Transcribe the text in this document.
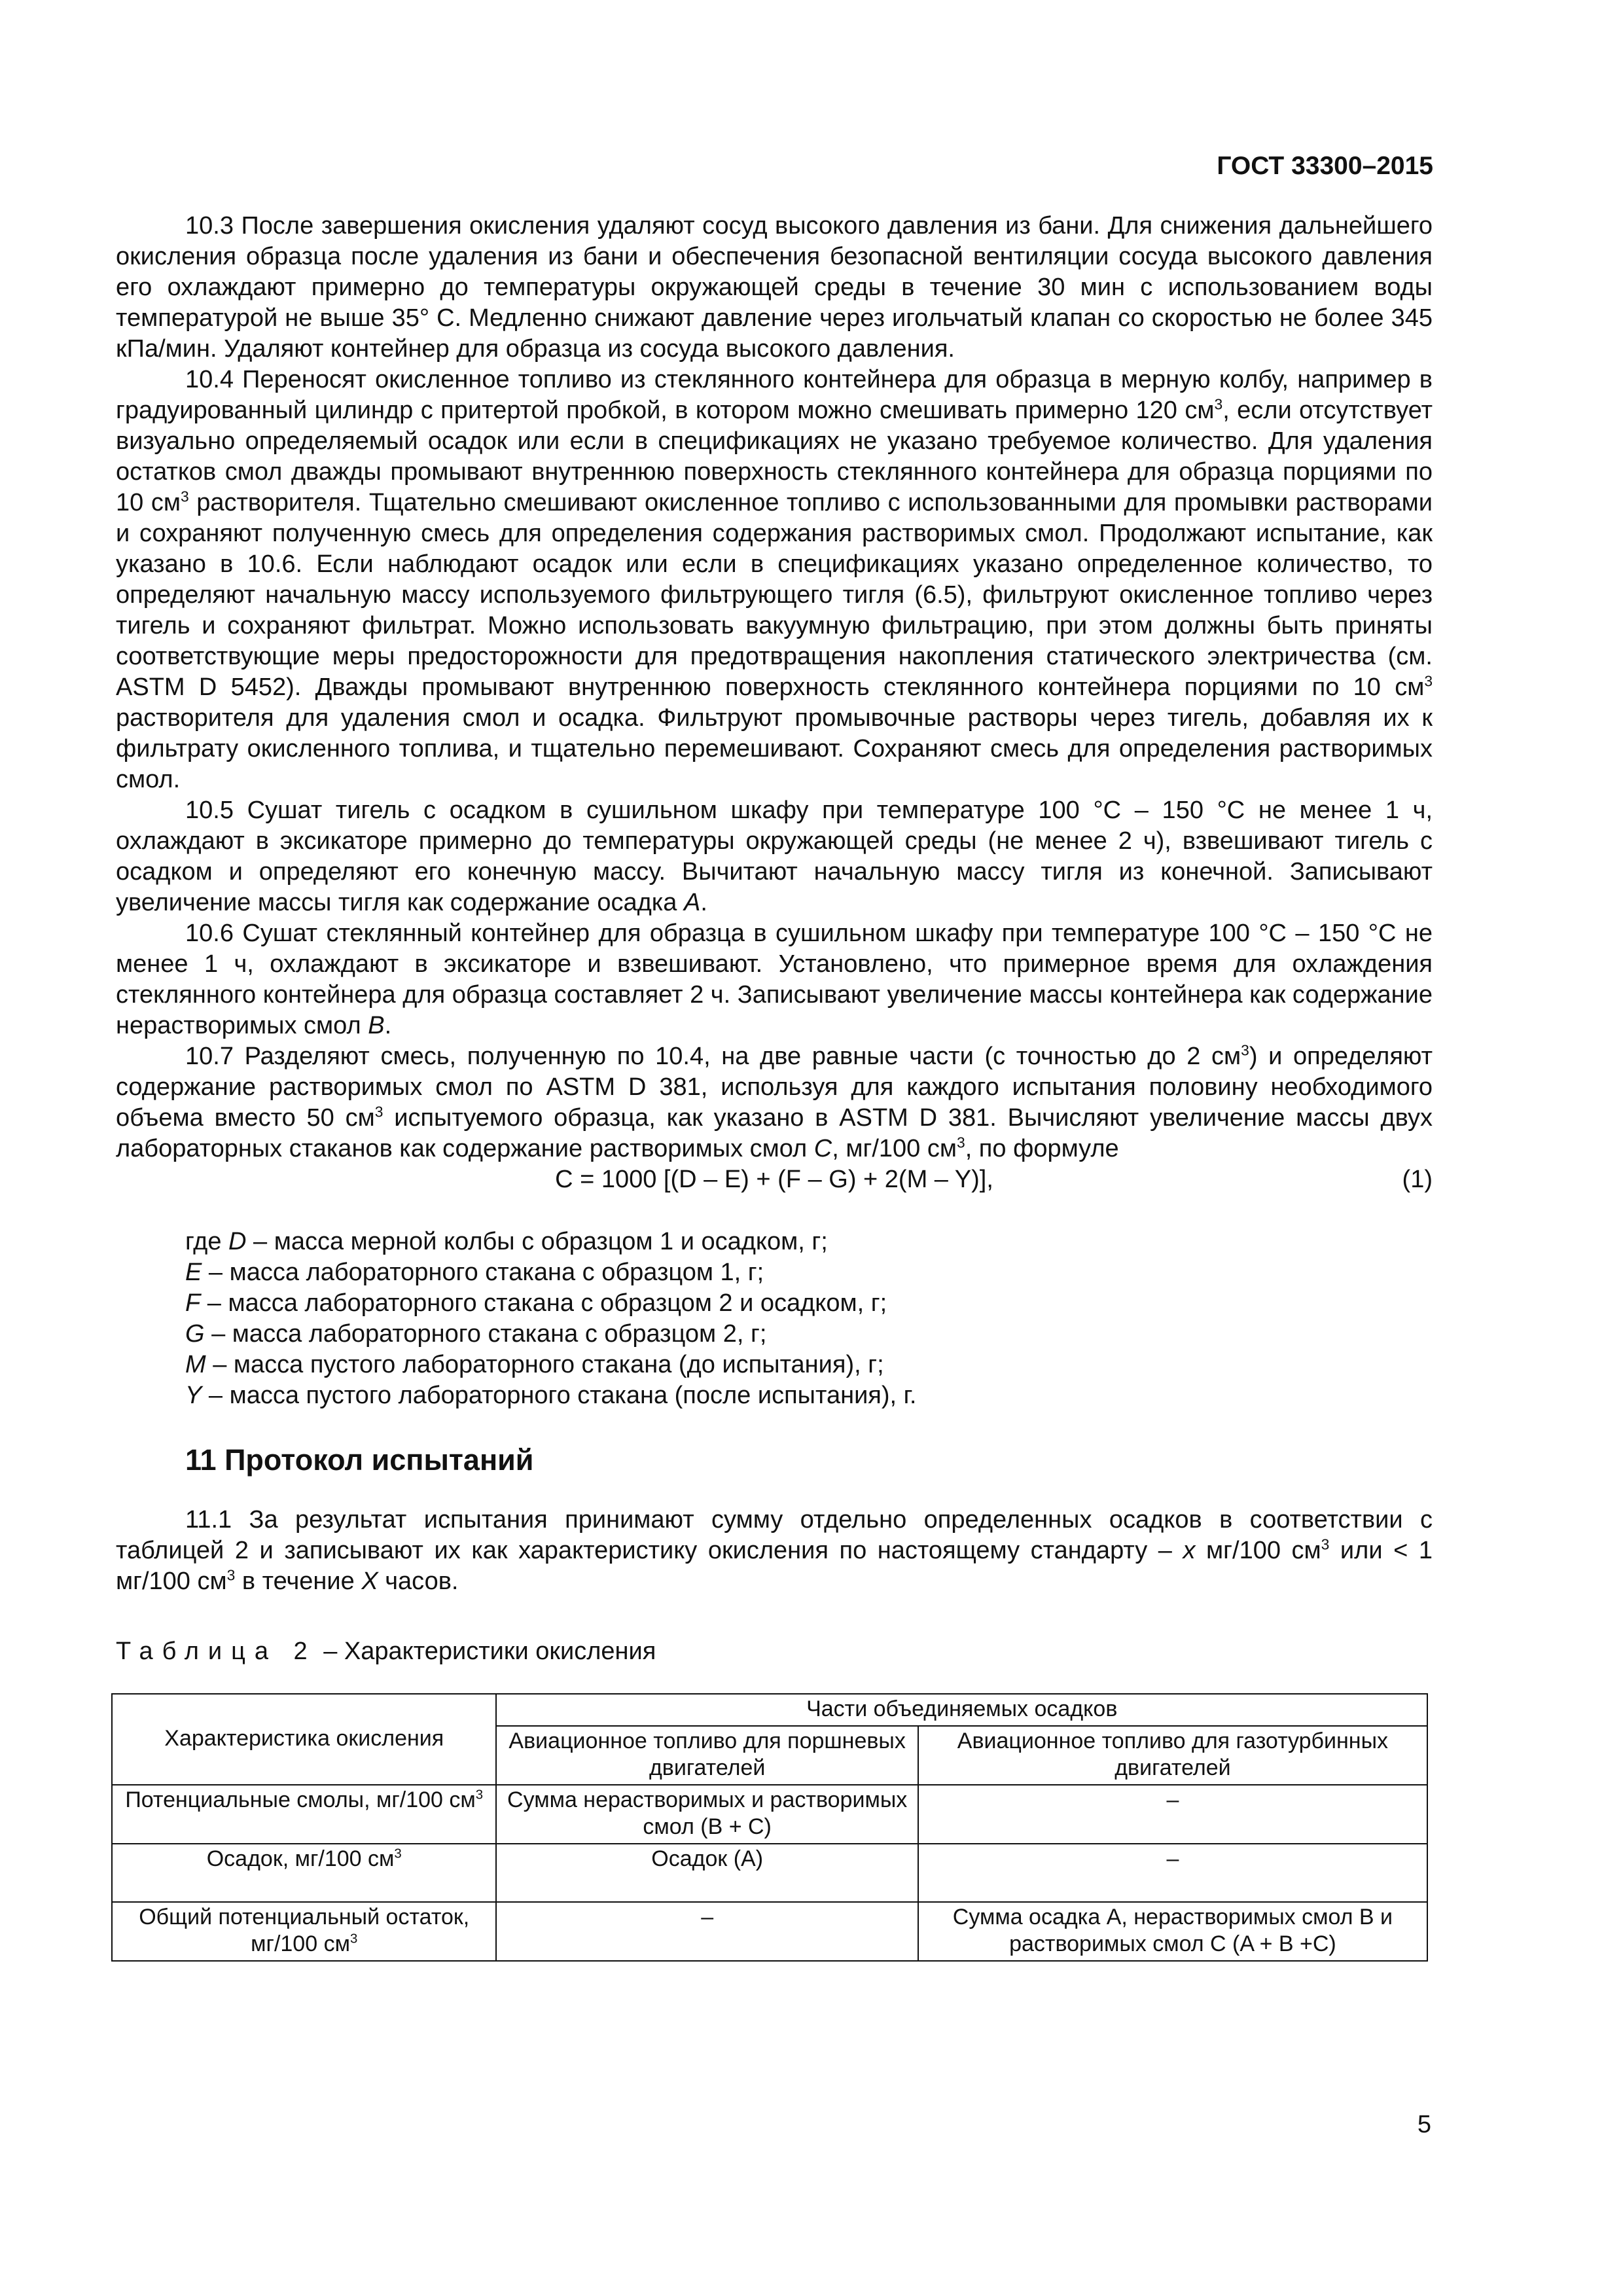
ГОСТ 33300–2015

10.3 После завершения окисления удаляют сосуд высокого давления из бани. Для снижения дальнейшего окисления образца после удаления из бани и обеспечения безопасной вентиляции сосуда высокого давления его охлаждают примерно до температуры окружающей среды в течение 30 мин с использованием воды температурой не выше 35° С. Медленно снижают давление через игольчатый клапан со скоростью не более 345 кПа/мин. Удаляют контейнер для образца из сосуда высокого давления.

10.4 Переносят окисленное топливо из стеклянного контейнера для образца в мерную колбу, например в градуированный цилиндр с притертой пробкой, в котором можно смешивать примерно 120 $см^3$, если отсутствует визуально определяемый осадок или если в спецификациях не указано требуемое количество. Для удаления остатков смол дважды промывают внутреннюю поверхность стеклянного контейнера для образца порциями по 10 $см^3$ растворителя. Тщательно смешивают окисленное топливо с использованными для промывки растворами и сохраняют полученную смесь для определения содержания растворимых смол. Продолжают испытание, как указано в 10.6. Если наблюдают осадок или если в спецификациях указано определенное количество, то определяют начальную массу используемого фильтрующего тигля (6.5), фильтруют окисленное топливо через тигель и сохраняют фильтрат. Можно использовать вакуумную фильтрацию, при этом должны быть приняты соответствующие меры предосторожности для предотвращения накопления статического электричества (см. ASTM D 5452). Дважды промывают внутреннюю поверхность стеклянного контейнера порциями по 10 $см^3$ растворителя для удаления смол и осадка. Фильтруют промывочные растворы через тигель, добавляя их к фильтрату окисленного топлива, и тщательно перемешивают. Сохраняют смесь для определения растворимых смол.

10.5 Сушат тигель с осадком в сушильном шкафу при температуре 100 °С – 150 °С не менее 1 ч, охлаждают в эксикаторе примерно до температуры окружающей среды (не менее 2 ч), взвешивают тигель с осадком и определяют его конечную массу. Вычитают начальную массу тигля из конечной. Записывают увеличение массы тигля как содержание осадка A.

10.6 Сушат стеклянный контейнер для образца в сушильном шкафу при температуре 100 °С – 150 °С не менее 1 ч, охлаждают в эксикаторе и взвешивают. Установлено, что примерное время для охлаждения стеклянного контейнера для образца составляет 2 ч. Записывают увеличение массы контейнера как содержание нерастворимых смол B.

10.7 Разделяют смесь, полученную по 10.4, на две равные части (с точностью до 2 $см^3$) и определяют содержание растворимых смол по ASTM D 381, используя для каждого испытания половину необходимого объема вместо 50 $см^3$ испытуемого образца, как указано в ASTM D 381. Вычисляют увеличение массы двух лабораторных стаканов как содержание растворимых смол С, мг/100 $см^3$, по формуле

С = 1000 [(D – E) + (F – G) + 2(M – Y)],	(1)
где D – масса мерной колбы с образцом 1 и осадком, г;
E – масса лабораторного стакана с образцом 1, г;
F – масса лабораторного стакана с образцом 2 и осадком, г;
G – масса лабораторного стакана с образцом 2, г;
M – масса пустого лабораторного стакана (до испытания), г;
Y – масса пустого лабораторного стакана (после испытания), г.
11 Протокол испытаний

11.1 За результат испытания принимают сумму отдельно определенных осадков в соответствии с таблицей 2 и записывают их как характеристику окисления по настоящему стандарту – х мг/100 $см^3$ или < 1 мг/100 $см^3$ в течение X часов.

Таблица 2 – Характеристики окисления
Характеристика окисления	Части объединяемых осадков	
	Авиационное топливо для поршневых двигателей	Авиационное топливо для газотурбинных двигателей
Потенциальные смолы, мг/100 $см^3$	Сумма нерастворимых и растворимых смол (B + C)	–
Осадок, мг/100 $см^3$	Осадок (A)	–
Общий потенциальный остаток, мг/100 $см^3$	–	Сумма осадка A, нерастворимых смол B и растворимых смол C (A + B +C)
5
